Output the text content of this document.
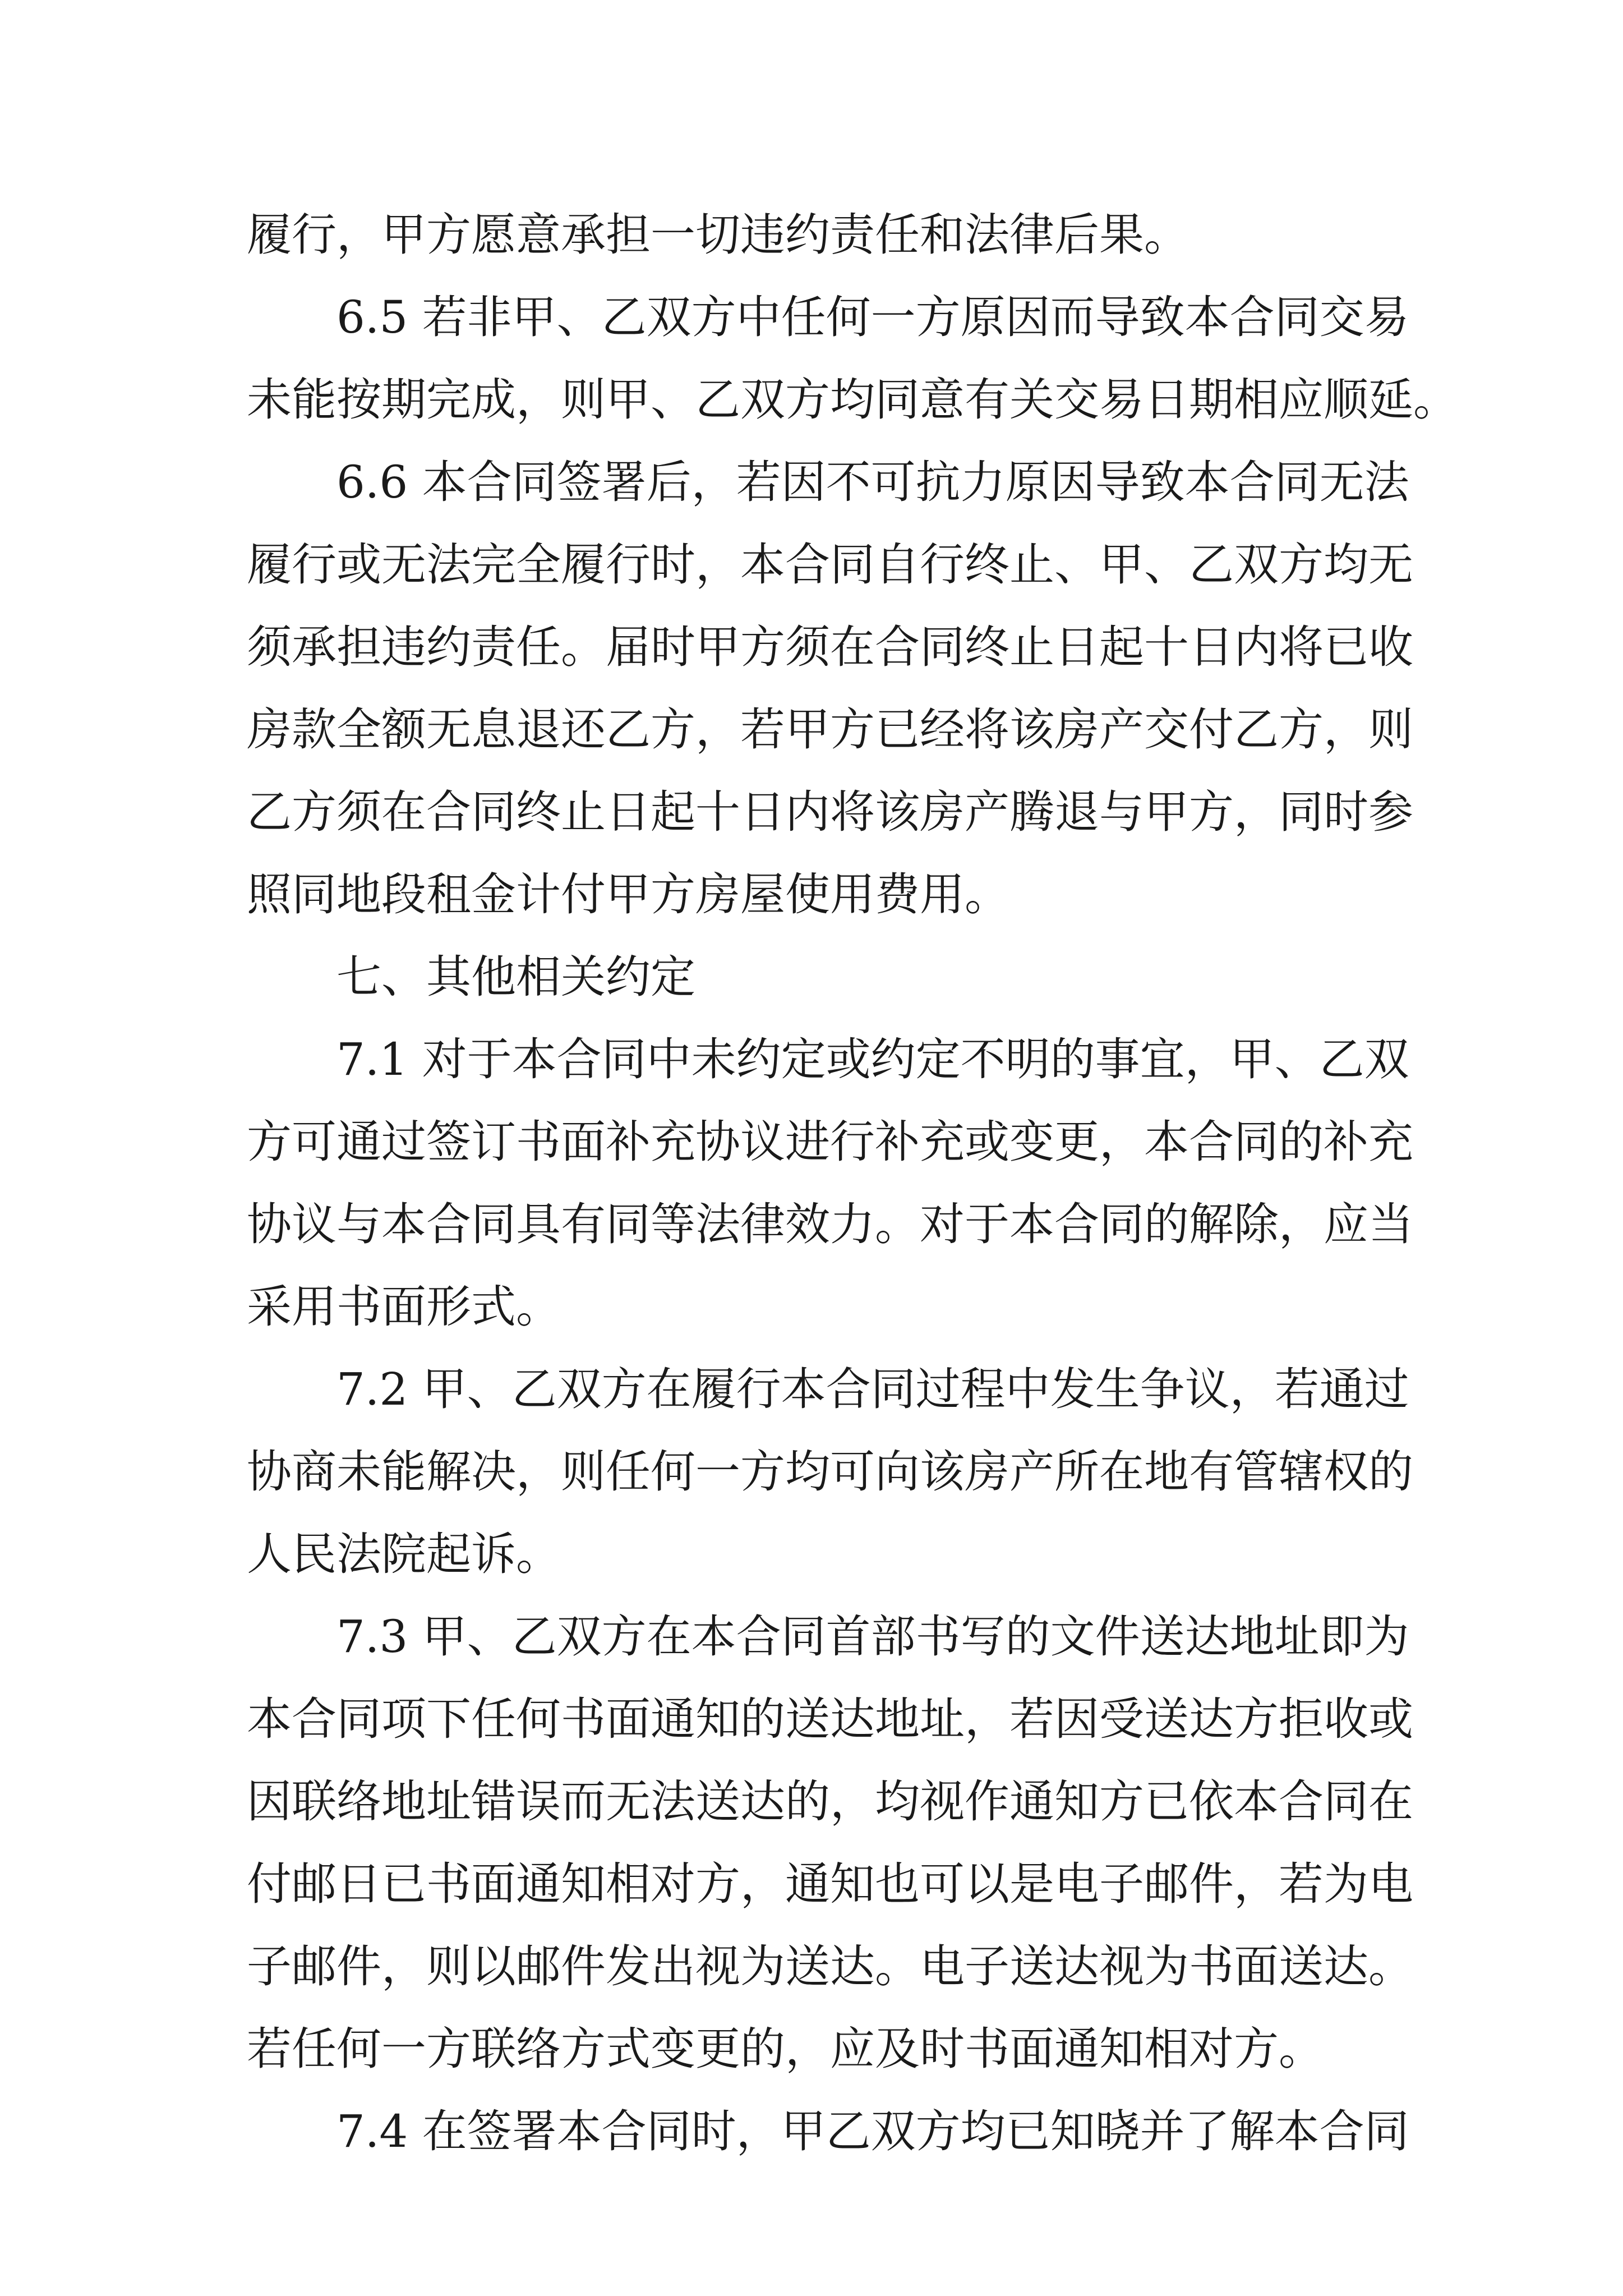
履行，甲方愿意承担一切违约责任和法律后果。
6.5 若非甲、乙双方中任何一方原因而导致本合同交易
未能按期完成，则甲、乙双方均同意有关交易日期相应顺延。
6.6 本合同签署后，若因不可抗力原因导致本合同无法
履行或无法完全履行时，本合同自行终止、甲、乙双方均无
须承担违约责任。届时甲方须在合同终止日起十日内将已收
房款全额无息退还乙方，若甲方已经将该房产交付乙方，则
乙方须在合同终止日起十日内将该房产腾退与甲方，同时参
照同地段租金计付甲方房屋使用费用。
七、其他相关约定
7.1 对于本合同中未约定或约定不明的事宜，甲、乙双
方可通过签订书面补充协议进行补充或变更，本合同的补充
协议与本合同具有同等法律效力。对于本合同的解除，应当
采用书面形式。
7.2 甲、乙双方在履行本合同过程中发生争议，若通过
协商未能解决，则任何一方均可向该房产所在地有管辖权的
人民法院起诉。
7.3 甲、乙双方在本合同首部书写的文件送达地址即为
本合同项下任何书面通知的送达地址，若因受送达方拒收或
因联络地址错误而无法送达的，均视作通知方已依本合同在
付邮日已书面通知相对方，通知也可以是电子邮件，若为电
子邮件，则以邮件发出视为送达。电子送达视为书面送达。
若任何一方联络方式变更的，应及时书面通知相对方。
7.4 在签署本合同时，甲乙双方均已知晓并了解本合同
